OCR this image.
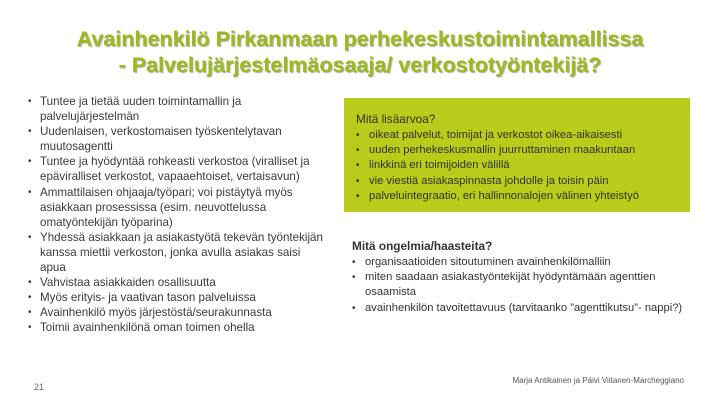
Avainhenkilö Pirkanmaan perhekeskustoimintamallissa
- Palvelujärjestelmäosaaja/ verkostotyöntekijä?
• Tuntee ja tietää uuden toimintamallin ja palvelujärjestelmän
• Uudenlaisen, verkostomaisen työskentelytavan muutosagentti
• Tuntee ja hyödyntää rohkeasti verkostoa (viralliset ja epäviralliset verkostot, vapaaehtoiset, vertaisavun)
• Ammattilaisen ohjaaja/työpari; voi pistäytyä myös asiakkaan prosessissa (esim. neuvottelussa omatyöntekijän työparina)
• Yhdessä asiakkaan ja asiakastyötä tekevän työntekijän kanssa miettii verkoston, jonka avulla asiakas saisi apua
• Vahvistaa asiakkaiden osallisuutta
• Myös erityis- ja vaativan tason palveluissa
• Avainhenkilö myös järjestöstä/seurakunnasta
• Toimii avainhenkilönä oman toimen ohella
Mitä lisäarvoa?
• oikeat palvelut, toimijat ja verkostot oikea-aikaisesti
• uuden perhekeskusmallin juurruttaminen maakuntaan
• linkkinä eri toimijoiden välillä
• vie viestiä asiakaspinnasta johdolle ja toisin päin
• palveluintegraatio, eri hallinnonalojen välinen yhteistyö
Mitä ongelmia/haasteita?
• organisaatioiden sitoutuminen avainhenkilömalliin
• miten saadaan asiakastyöntekijät hyödyntämään agenttien osaamista
• avainhenkilön tavoitettavuus (tarvitaanko ”agenttikutsu”- nappi?)
21
Marja Antikainen ja Päivi Viitanen-Marcheggiano
